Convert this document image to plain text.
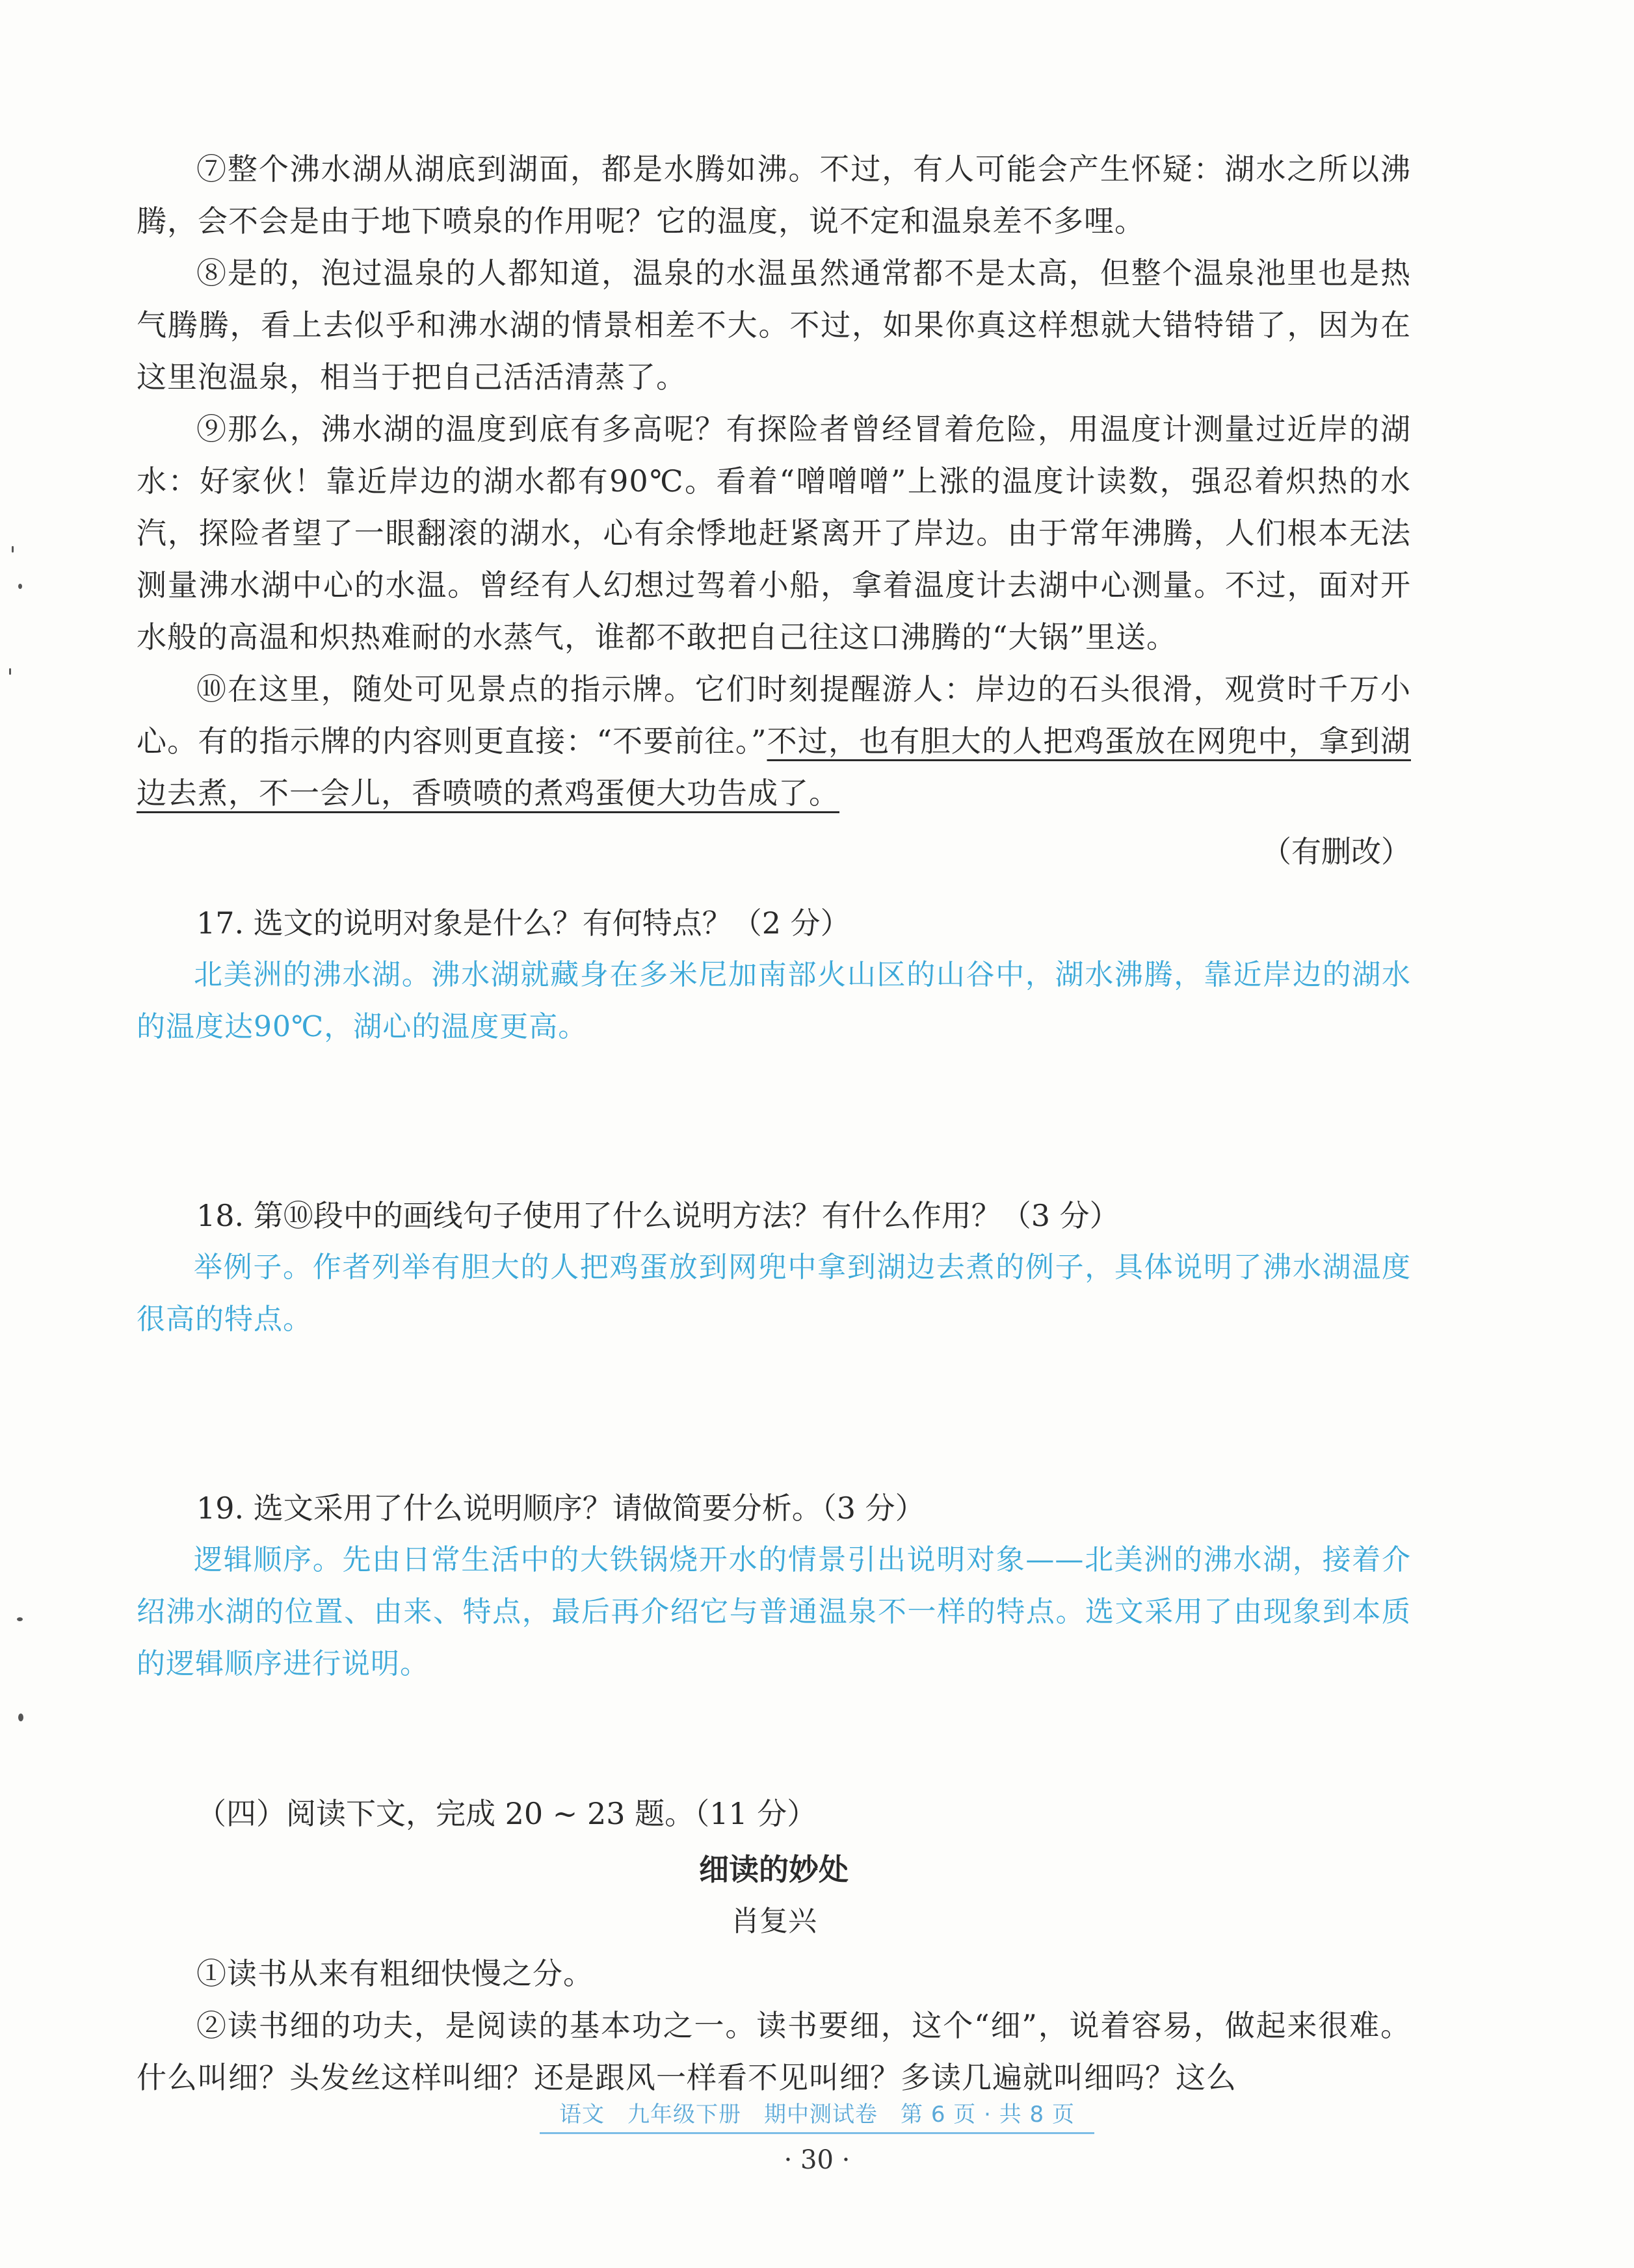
⑦整个沸水湖从湖底到湖面，都是水腾如沸。不过，有人可能会产生怀疑：湖水之所以沸腾，会不会是由于地下喷泉的作用呢？它的温度，说不定和温泉差不多哩。

⑧是的，泡过温泉的人都知道，温泉的水温虽然通常都不是太高，但整个温泉池里也是热气腾腾，看上去似乎和沸水湖的情景相差不大。不过，如果你真这样想就大错特错了，因为在这里泡温泉，相当于把自己活活清蒸了。

⑨那么，沸水湖的温度到底有多高呢？有探险者曾经冒着危险，用温度计测量过近岸的湖水：好家伙！靠近岸边的湖水都有90℃。看着“噌噌噌”上涨的温度计读数，强忍着炽热的水汽，探险者望了一眼翻滚的湖水，心有余悸地赶紧离开了岸边。由于常年沸腾，人们根本无法测量沸水湖中心的水温。曾经有人幻想过驾着小船，拿着温度计去湖中心测量。不过，面对开水般的高温和炽热难耐的水蒸气，谁都不敢把自己往这口沸腾的“大锅”里送。

⑩在这里，随处可见景点的指示牌。它们时刻提醒游人：岸边的石头很滑，观赏时千万小心。有的指示牌的内容则更直接：“不要前往。”不过，也有胆大的人把鸡蛋放在网兜中，拿到湖边去煮，不一会儿，香喷喷的煮鸡蛋便大功告成了。

（有删改）

17. 选文的说明对象是什么？有何特点？（2 分）

北美洲的沸水湖。沸水湖就藏身在多米尼加南部火山区的山谷中，湖水沸腾，靠近岸边的湖水的温度达90℃，湖心的温度更高。

18. 第⑩段中的画线句子使用了什么说明方法？有什么作用？（3 分）

举例子。作者列举有胆大的人把鸡蛋放到网兜中拿到湖边去煮的例子，具体说明了沸水湖温度很高的特点。

19. 选文采用了什么说明顺序？请做简要分析。（3 分）

逻辑顺序。先由日常生活中的大铁锅烧开水的情景引出说明对象——北美洲的沸水湖，接着介绍沸水湖的位置、由来、特点，最后再介绍它与普通温泉不一样的特点。选文采用了由现象到本质的逻辑顺序进行说明。

（四）阅读下文，完成 20 ~ 23 题。（11 分）

细读的妙处

肖复兴

①读书从来有粗细快慢之分。

②读书细的功夫，是阅读的基本功之一。读书要细，这个“细”，说着容易，做起来很难。什么叫细？头发丝这样叫细？还是跟风一样看不见叫细？多读几遍就叫细吗？这么

语文　九年级下册　期中测试卷　第 6 页 · 共 8 页
· 30 ·
